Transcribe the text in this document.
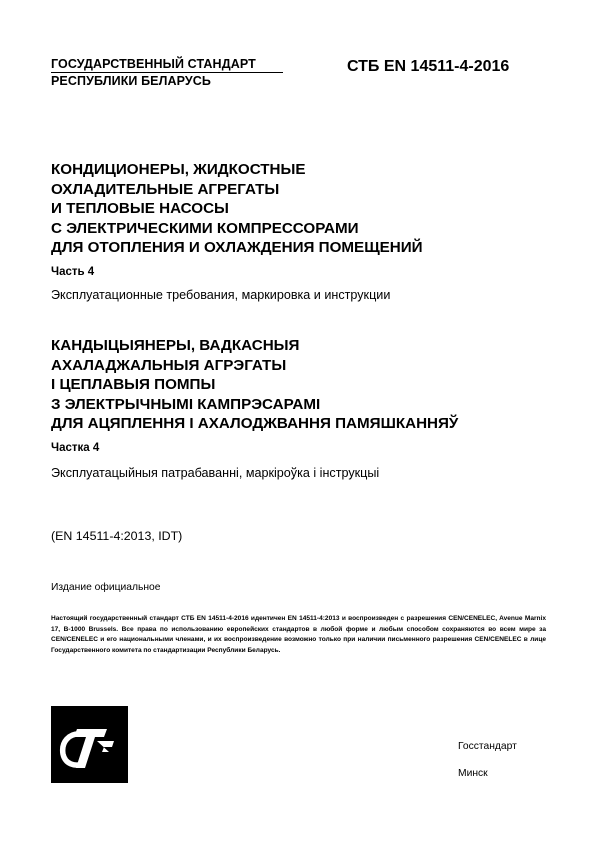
ГОСУДАРСТВЕННЫЙ СТАНДАРТ
РЕСПУБЛИКИ БЕЛАРУСЬ
СТБ EN 14511-4-2016
КОНДИЦИОНЕРЫ, ЖИДКОСТНЫЕ
ОХЛАДИТЕЛЬНЫЕ АГРЕГАТЫ
И ТЕПЛОВЫЕ НАСОСЫ
С ЭЛЕКТРИЧЕСКИМИ КОМПРЕССОРАМИ
ДЛЯ ОТОПЛЕНИЯ И ОХЛАЖДЕНИЯ ПОМЕЩЕНИЙ
Часть 4
Эксплуатационные требования, маркировка и инструкции
КАНДЫЦЫЯНЕРЫ, ВАДКАСНЫЯ
АХАЛАДЖАЛЬНЫЯ АГРЭГАТЫ
І ЦЕПЛАВЫЯ ПОМПЫ
З ЭЛЕКТРЫЧНЫМІ КАМПРЭСАРАМІ
ДЛЯ АЦЯПЛЕННЯ І АХАЛОДЖВАННЯ ПАМЯШКАННЯЎ
Частка 4
Эксплуатацыйныя патрабаванні, маркіроўка і інструкцыі
(EN 14511-4:2013, IDT)
Издание официальное
Настоящий государственный стандарт СТБ EN 14511-4-2016 идентичен EN 14511-4:2013 и воспроизведен с разрешения CEN/CENELEC, Avenue Marnix 17, B-1000 Brussels. Все права по использованию европейских стандартов в любой форме и любым способом сохраняются во всем мире за CEN/CENELEC и его национальными членами, и их воспроизведение возможно только при наличии письменного разрешения CEN/CENELEC в лице Государственного комитета по стандартизации Республики Беларусь.
Госстандарт
Минск
